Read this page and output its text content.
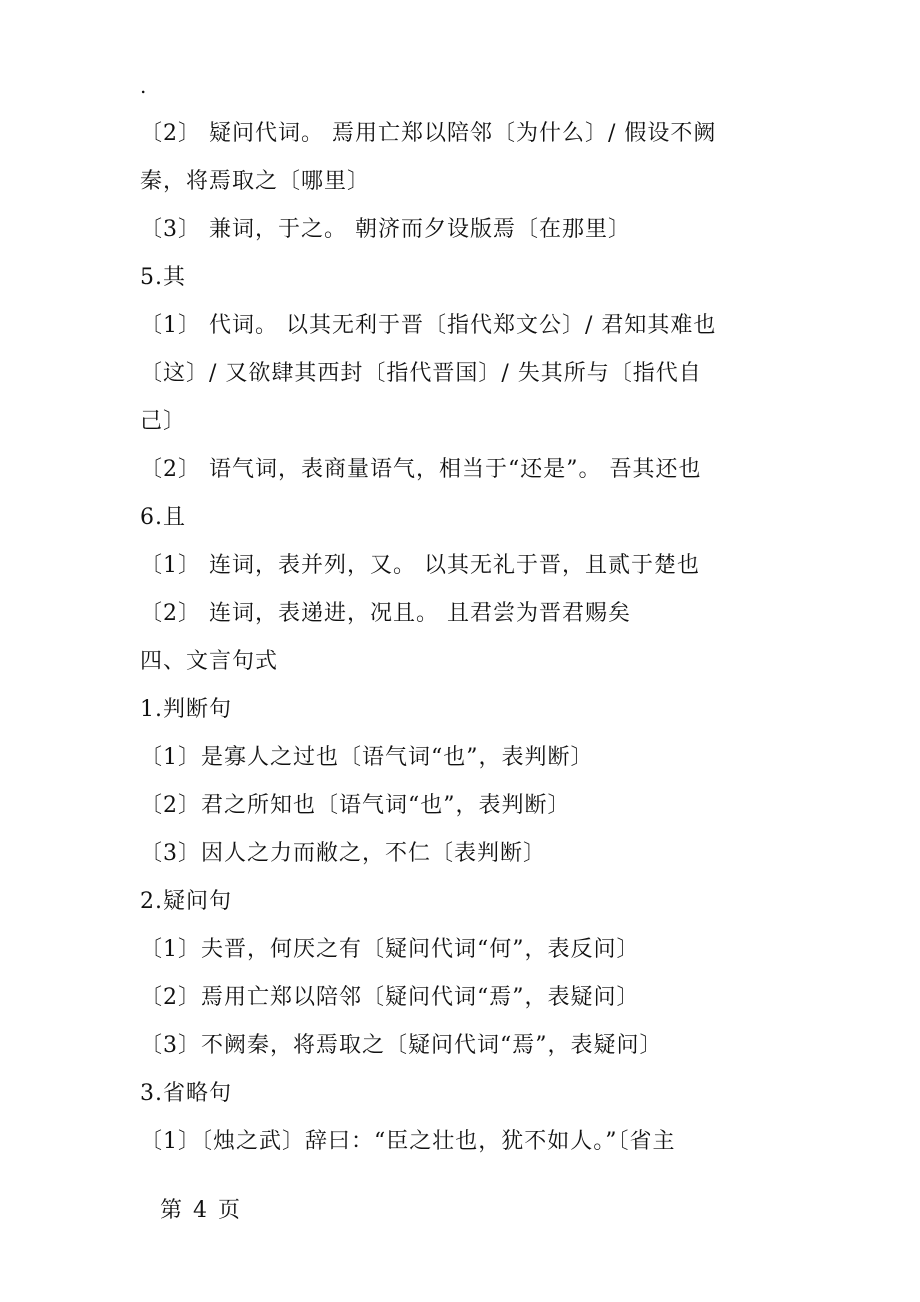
.
〔2〕 疑问代词。 焉用亡郑以陪邻〔为什么〕/ 假设不阙
秦，将焉取之〔哪里〕
〔3〕 兼词，于之。 朝济而夕设版焉〔在那里〕
5.其
〔1〕 代词。 以其无利于晋〔指代郑文公〕/ 君知其难也
〔这〕/ 又欲肆其西封〔指代晋国〕/ 失其所与〔指代自
己〕
〔2〕 语气词，表商量语气，相当于“还是”。 吾其还也
6.且
〔1〕 连词，表并列，又。 以其无礼于晋，且贰于楚也
〔2〕 连词，表递进，况且。 且君尝为晋君赐矣
四、文言句式
1.判断句
〔1〕是寡人之过也〔语气词“也”，表判断〕
〔2〕君之所知也〔语气词“也”，表判断〕
〔3〕因人之力而敝之，不仁〔表判断〕
2.疑问句
〔1〕夫晋，何厌之有〔疑问代词“何”，表反问〕
〔2〕焉用亡郑以陪邻〔疑问代词“焉”，表疑问〕
〔3〕不阙秦，将焉取之〔疑问代词“焉”，表疑问〕
3.省略句
〔1〕〔烛之武〕辞曰：“臣之壮也，犹不如人。”〔省主
第 4 页
